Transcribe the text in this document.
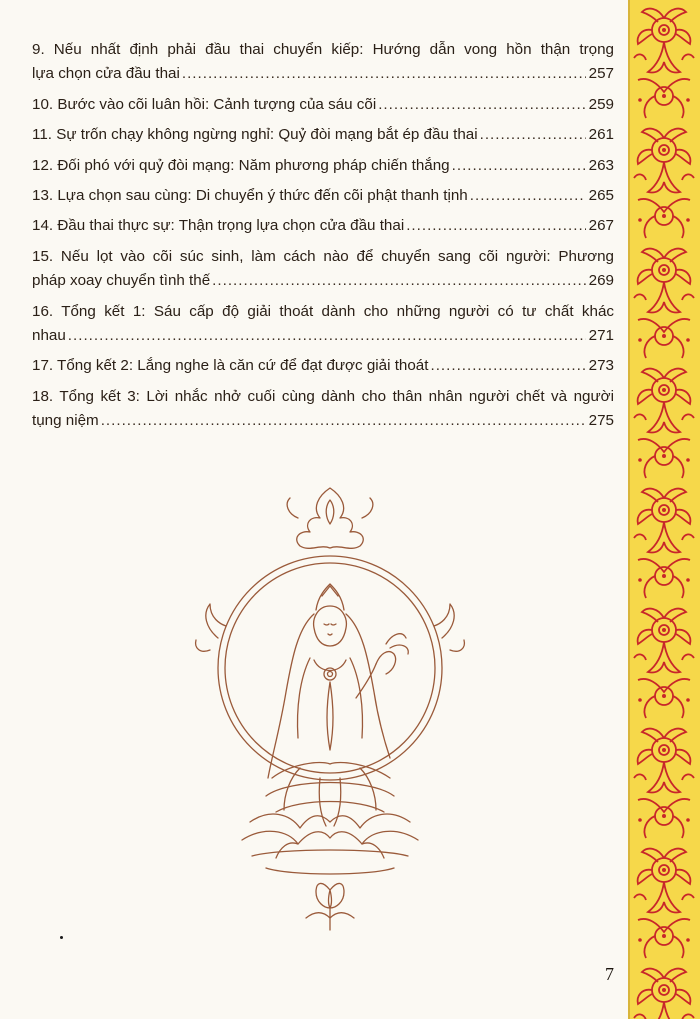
9. Nếu nhất định phải đầu thai chuyển kiếp: Hướng dẫn vong hồn thận trọng
lựa chọn cửa đầu thai .....	257
10. Bước vào cõi luân hồi: Cảnh tượng của sáu cõi .....	259
11. Sự trốn chạy không ngừng nghỉ: Quỷ đòi mạng bắt ép đầu thai .....	261
12. Đối phó với quỷ đòi mạng: Năm phương pháp chiến thắng .....	263
13. Lựa chọn sau cùng: Di chuyển ý thức đến cõi phật thanh tịnh .....	265
14. Đầu thai thực sự: Thận trọng lựa chọn cửa đầu thai .....	267
15. Nếu lọt vào cõi súc sinh, làm cách nào để chuyển sang cõi người: Phương
pháp xoay chuyển tình thế .....	269
16. Tổng kết 1: Sáu cấp độ giải thoát dành cho những người có tư chất khác
nhau .....	271
17. Tổng kết 2: Lắng nghe là căn cứ để đạt được giải thoát .....	273
18. Tổng kết 3: Lời nhắc nhở cuối cùng dành cho thân nhân người chết và người
tụng niệm .....	275
7
